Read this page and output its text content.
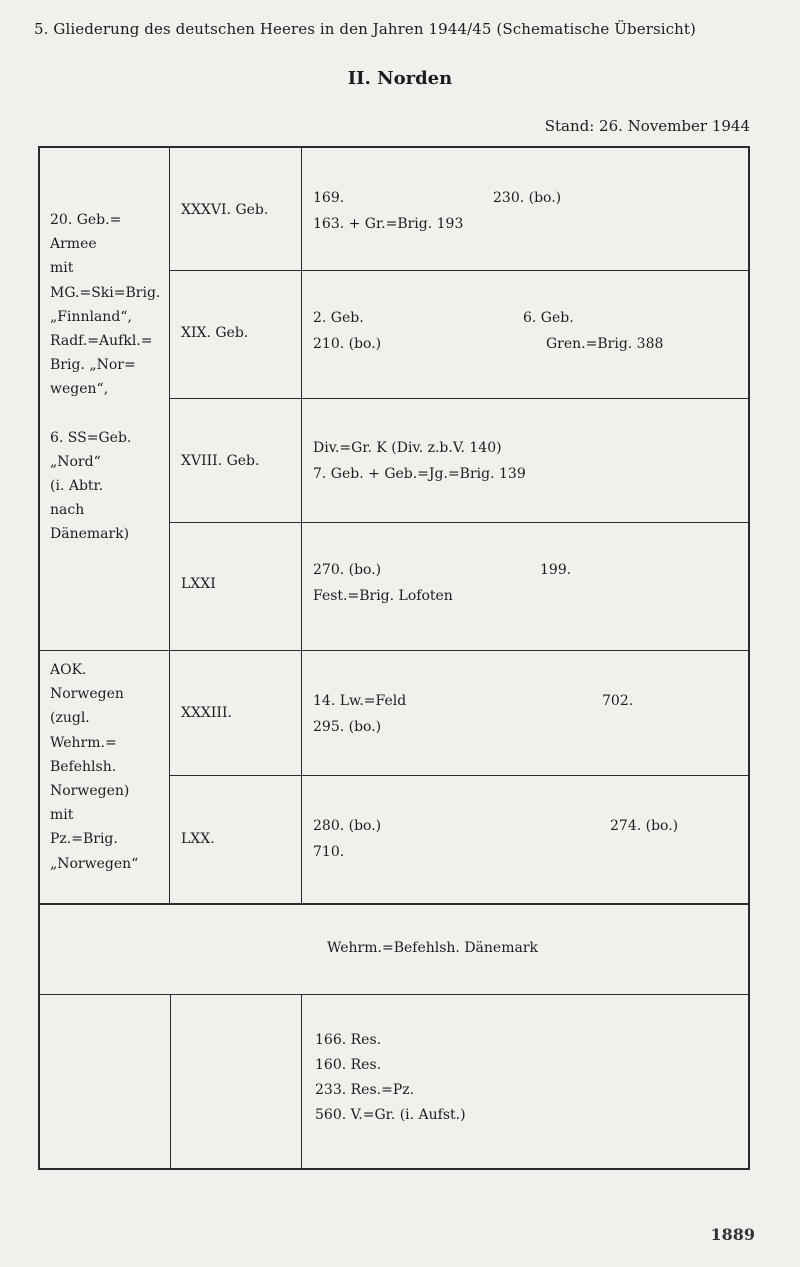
5. Gliederung des deutschen Heeres in den Jahren 1944/45 (Schematische Übersicht)
II. Norden
Stand: 26. November 1944
20. Geb.=
Armee
mit
MG.=Ski=Brig.
„Finnland“,
Radf.=Aufkl.=
Brig. „Nor=
wegen“,
6. SS=Geb.
„Nord“
(i. Abtr.
nach
Dänemark)
XXXVI. Geb.
169.
163. + Gr.=Brig. 193
230. (bo.)
XIX. Geb.
2. Geb.
210. (bo.)
6. Geb.
Gren.=Brig. 388
XVIII. Geb.
Div.=Gr. K (Div. z.b.V. 140)
7. Geb. + Geb.=Jg.=Brig. 139
LXXI
270. (bo.)
Fest.=Brig. Lofoten
199.
AOK.
Norwegen
(zugl.
Wehrm.=
Befehlsh.
Norwegen)
mit
Pz.=Brig.
„Norwegen“
XXXIII.
14. Lw.=Feld
295. (bo.)
702.
LXX.
280. (bo.)
710.
274. (bo.)
Wehrm.=Befehlsh. Dänemark
166. Res.
160. Res.
233. Res.=Pz.
560. V.=Gr. (i. Aufst.)
1889
